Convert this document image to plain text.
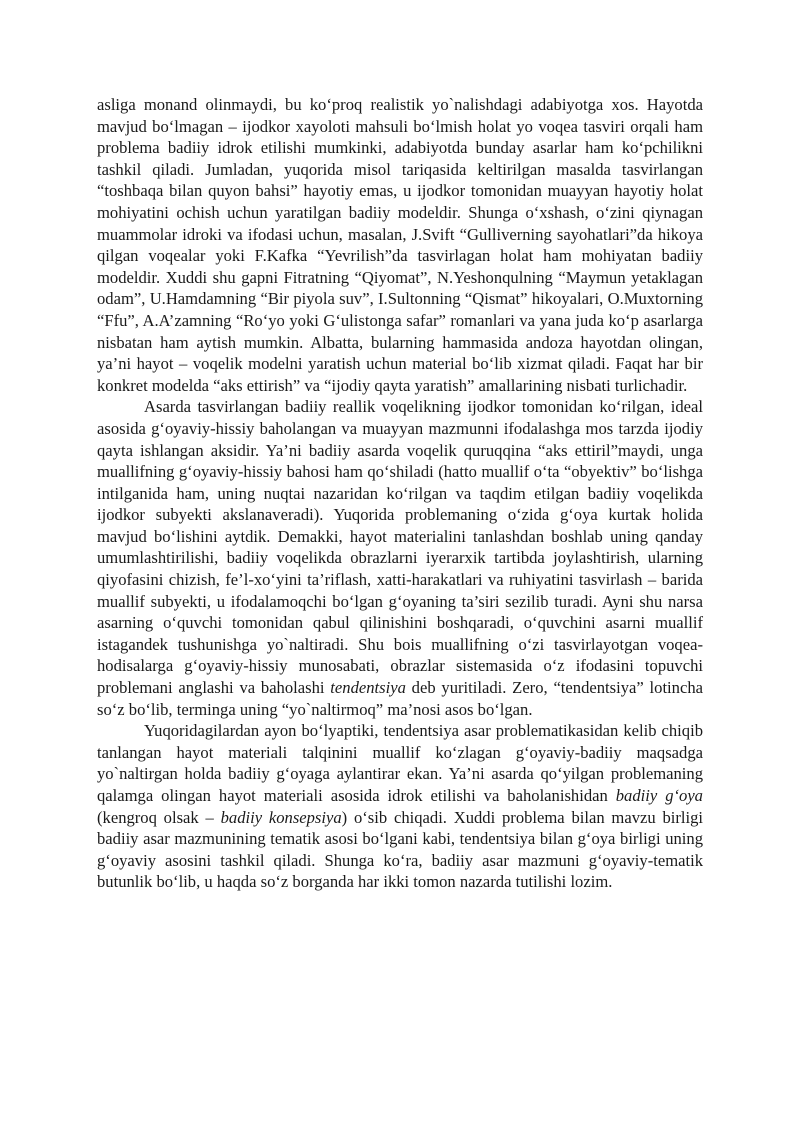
asliga monand olinmaydi, bu ko‘proq realistik yo`nalishdagi adabiyotga xos. Hayotda mavjud bo‘lmagan – ijodkor xayoloti mahsuli bo‘lmish holat yo voqea tasviri orqali ham problema badiiy idrok etilishi mumkinki, adabiyotda bunday asarlar ham ko‘pchilikni tashkil qiladi. Jumladan, yuqorida misol tariqasida keltirilgan masalda tasvirlangan “toshbaqa bilan quyon bahsi” hayotiy emas, u ijodkor tomonidan muayyan hayotiy holat mohiyatini ochish uchun yaratilgan badiiy modeldir. Shunga o‘xshash, o‘zini qiynagan muammolar idroki va ifodasi uchun, masalan, J.Svift “Gulliverning sayohatlari”da hikoya qilgan voqealar yoki F.Kafka “Yevrilish”da tasvirlagan holat ham mohiyatan badiiy modeldir. Xuddi shu gapni Fitratning “Qiyomat”, N.Yeshonqulning “Maymun yetaklagan odam”, U.Hamdamning “Bir piyola suv”, I.Sultonning “Qismat” hikoyalari, O.Muxtorning “Ffu”, A.A’zamning “Ro‘yo yoki G‘ulistonga safar” romanlari va yana juda ko‘p asarlarga nisbatan ham aytish mumkin. Albatta, bularning hammasida andoza hayotdan olingan, ya’ni hayot – voqelik modelni yaratish uchun material bo‘lib xizmat qiladi. Faqat har bir konkret modelda “aks ettirish” va “ijodiy qayta yaratish” amallarining nisbati turlichadir.

Asarda tasvirlangan badiiy reallik voqelikning ijodkor tomonidan ko‘rilgan, ideal asosida g‘oyaviy-hissiy baholangan va muayyan mazmunni ifodalashga mos tarzda ijodiy qayta ishlangan aksidir. Ya’ni badiiy asarda voqelik quruqqina “aks ettiril”maydi, unga muallifning g‘oyaviy-hissiy bahosi ham qo‘shiladi (hatto muallif o‘ta “obyektiv” bo‘lishga intilganida ham, uning nuqtai nazaridan ko‘rilgan va taqdim etilgan badiiy voqelikda ijodkor subyekti akslanaveradi). Yuqorida problemaning o‘zida g‘oya kurtak holida mavjud bo‘lishini aytdik. Demakki, hayot materialini tanlashdan boshlab uning qanday umumlashtirilishi, badiiy voqelikda obrazlarni iyerarxik tartibda joylashtirish, ularning qiyofasini chizish, fe’l-xo‘yini ta’riflash, xatti-harakatlari va ruhiyatini tasvirlash – barida muallif subyekti, u ifodalamoqchi bo‘lgan g‘oyaning ta’siri sezilib turadi. Ayni shu narsa asarning o‘quvchi tomonidan qabul qilinishini boshqaradi, o‘quvchini asarni muallif istagandek tushunishga yo`naltiradi. Shu bois muallifning o‘zi tasvirlayotgan voqea-hodisalarga g‘oyaviy-hissiy munosabati, obrazlar sistemasida o‘z ifodasini topuvchi problemani anglashi va baholashi tendentsiya deb yuritiladi. Zero, “tendentsiya” lotincha so‘z bo‘lib, terminga uning “yo`naltirmoq” ma’nosi asos bo‘lgan.

Yuqoridagilardan ayon bo‘lyaptiki, tendentsiya asar problematikasidan kelib chiqib tanlangan hayot materiali talqinini muallif ko‘zlagan g‘oyaviy-badiiy maqsadga yo`naltirgan holda badiiy g‘oyaga aylantirar ekan. Ya’ni asarda qo‘yilgan problemaning qalamga olingan hayot materiali asosida idrok etilishi va baholanishidan badiiy g‘oya (kengroq olsak – badiiy konsepsiya) o‘sib chiqadi. Xuddi problema bilan mavzu birligi badiiy asar mazmunining tematik asosi bo‘lgani kabi, tendentsiya bilan g‘oya birligi uning g‘oyaviy asosini tashkil qiladi. Shunga ko‘ra, badiiy asar mazmuni g‘oyaviy-tematik butunlik bo‘lib, u haqda so‘z borganda har ikki tomon nazarda tutilishi lozim.
